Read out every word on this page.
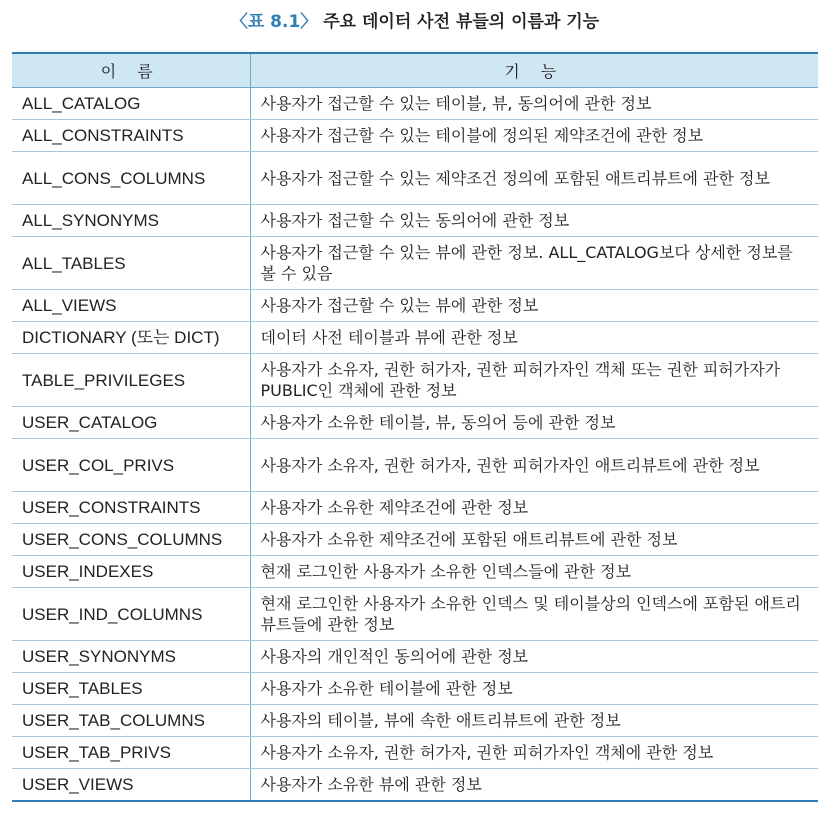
〈표 8.1〉 주요 데이터 사전 뷰들의 이름과 기능
이 름	기 능
ALL_CATALOG	사용자가 접근할 수 있는 테이블, 뷰, 동의어에 관한 정보
ALL_CONSTRAINTS	사용자가 접근할 수 있는 테이블에 정의된 제약조건에 관한 정보
ALL_CONS_COLUMNS	사용자가 접근할 수 있는 제약조건 정의에 포함된 애트리뷰트에 관한 정보
ALL_SYNONYMS	사용자가 접근할 수 있는 동의어에 관한 정보
ALL_TABLES	사용자가 접근할 수 있는 뷰에 관한 정보. ALL_CATALOG보다 상세한 정보를 볼 수 있음
ALL_VIEWS	사용자가 접근할 수 있는 뷰에 관한 정보
DICTIONARY (또는 DICT)	데이터 사전 테이블과 뷰에 관한 정보
TABLE_PRIVILEGES	사용자가 소유자, 권한 허가자, 권한 피허가자인 객체 또는 권한 피허가자가 PUBLIC인 객체에 관한 정보
USER_CATALOG	사용자가 소유한 테이블, 뷰, 동의어 등에 관한 정보
USER_COL_PRIVS	사용자가 소유자, 권한 허가자, 권한 피허가자인 애트리뷰트에 관한 정보
USER_CONSTRAINTS	사용자가 소유한 제약조건에 관한 정보
USER_CONS_COLUMNS	사용자가 소유한 제약조건에 포함된 애트리뷰트에 관한 정보
USER_INDEXES	현재 로그인한 사용자가 소유한 인덱스들에 관한 정보
USER_IND_COLUMNS	현재 로그인한 사용자가 소유한 인덱스 및 테이블상의 인덱스에 포함된 애트리뷰트들에 관한 정보
USER_SYNONYMS	사용자의 개인적인 동의어에 관한 정보
USER_TABLES	사용자가 소유한 테이블에 관한 정보
USER_TAB_COLUMNS	사용자의 테이블, 뷰에 속한 애트리뷰트에 관한 정보
USER_TAB_PRIVS	사용자가 소유자, 권한 허가자, 권한 피허가자인 객체에 관한 정보
USER_VIEWS	사용자가 소유한 뷰에 관한 정보
